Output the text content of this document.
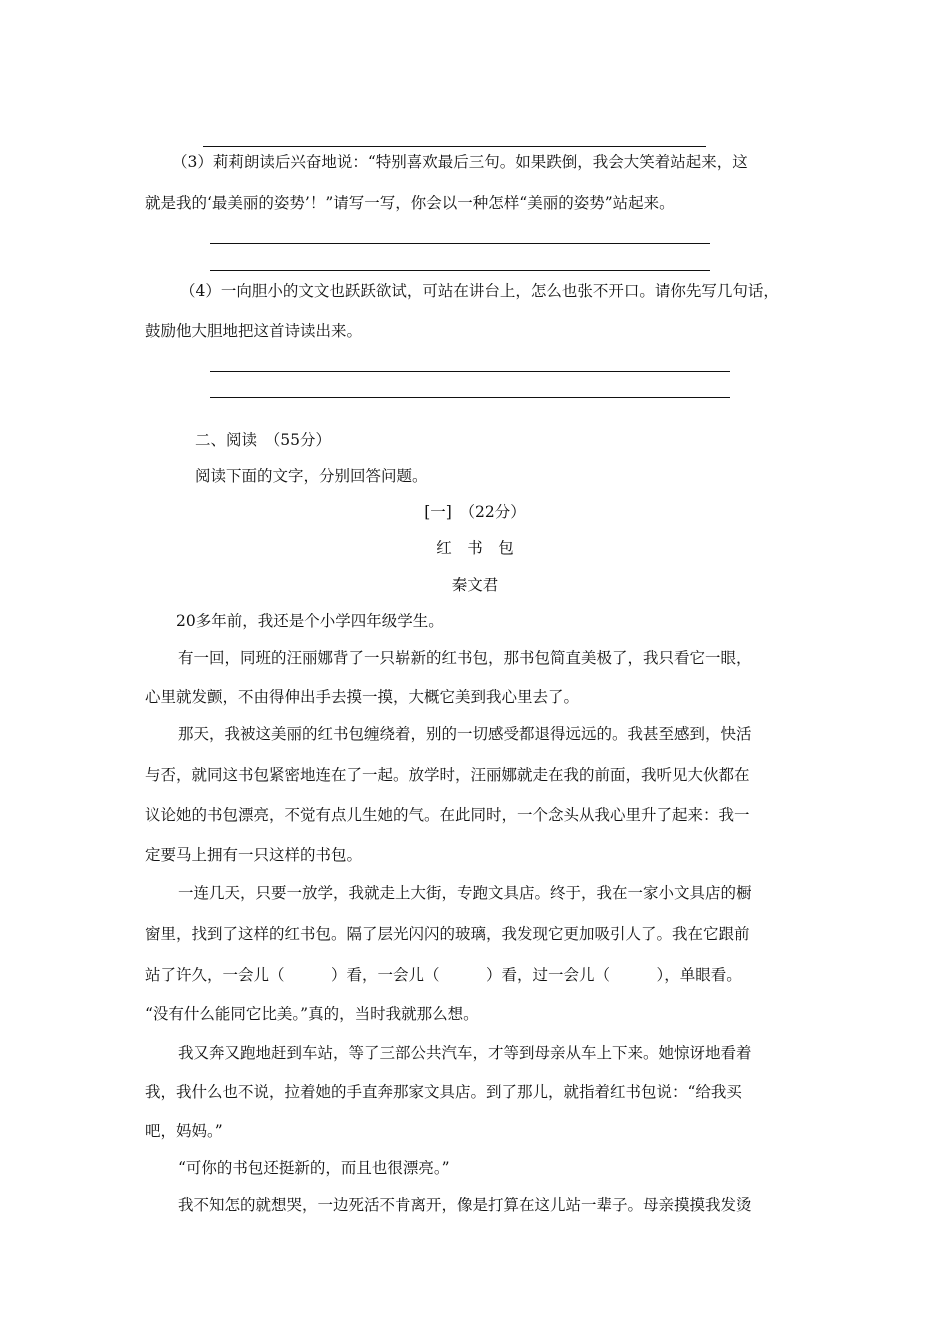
（3）莉莉朗读后兴奋地说：“特别喜欢最后三句。如果跌倒，我会大笑着站起来，这

就是我的‘最美丽的姿势’！”请写一写，你会以一种怎样“美丽的姿势”站起来。

（4）一向胆小的文文也跃跃欲试，可站在讲台上，怎么也张不开口。请你先写几句话，

鼓励他大胆地把这首诗读出来。

二、阅读　（55分）

阅读下面的文字，分别回答问题。

[一]　（22分）

红　书　包

秦文君

20多年前，我还是个小学四年级学生。

有一回，同班的汪丽娜背了一只崭新的红书包，那书包简直美极了，我只看它一眼，

心里就发颤，不由得伸出手去摸一摸，大概它美到我心里去了。

那天，我被这美丽的红书包缠绕着，别的一切感受都退得远远的。我甚至感到，快活

与否，就同这书包紧密地连在了一起。放学时，汪丽娜就走在我的前面，我听见大伙都在

议论她的书包漂亮，不觉有点儿生她的气。在此同时，一个念头从我心里升了起来：我一

定要马上拥有一只这样的书包。

一连几天，只要一放学，我就走上大街，专跑文具店。终于，我在一家小文具店的橱

窗里，找到了这样的红书包。隔了层光闪闪的玻璃，我发现它更加吸引人了。我在它跟前

站了许久，一会儿（　　　）看，一会儿（　　　）看，过一会儿（　　　），单眼看。

“没有什么能同它比美。”真的，当时我就那么想。

我又奔又跑地赶到车站，等了三部公共汽车，才等到母亲从车上下来。她惊讶地看着

我，我什么也不说，拉着她的手直奔那家文具店。到了那儿，就指着红书包说：“给我买

吧，妈妈。”

“可你的书包还挺新的，而且也很漂亮。”

我不知怎的就想哭，一边死活不肯离开，像是打算在这儿站一辈子。母亲摸摸我发烫
